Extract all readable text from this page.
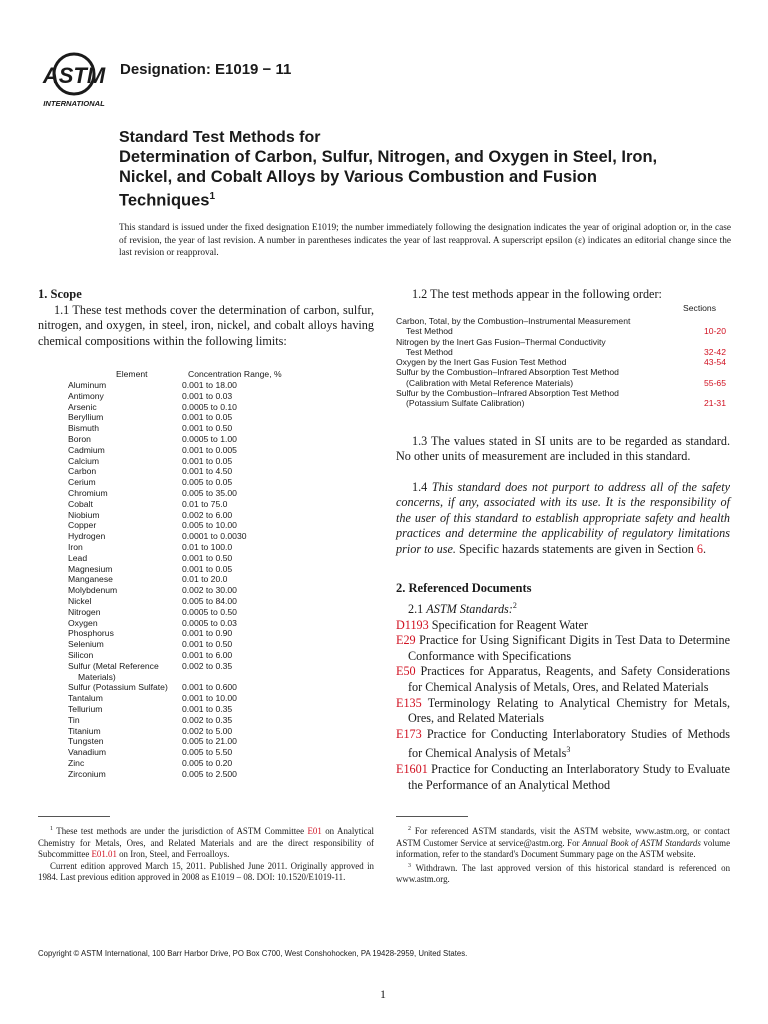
ASTM
INTERNATIONAL
Designation: E1019 − 11
Standard Test Methods for
Determination of Carbon, Sulfur, Nitrogen, and Oxygen in Steel, Iron, Nickel, and Cobalt Alloys by Various Combustion and Fusion Techniques$^1$
This standard is issued under the fixed designation E1019; the number immediately following the designation indicates the year of original adoption or, in the case of revision, the year of last revision. A number in parentheses indicates the year of last reapproval. A superscript epsilon (ε) indicates an editorial change since the last revision or reapproval.
1. Scope
1.1 These test methods cover the determination of carbon, sulfur, nitrogen, and oxygen, in steel, iron, nickel, and cobalt alloys having chemical compositions within the following limits:
Element	Concentration Range, %
Aluminum	0.001 to 18.00
Antimony	0.001 to 0.03
Arsenic	0.0005 to 0.10
Beryllium	0.001 to 0.05
Bismuth	0.001 to 0.50
Boron	0.0005 to 1.00
Cadmium	0.001 to 0.005
Calcium	0.001 to 0.05
Carbon	0.001 to 4.50
Cerium	0.005 to 0.05
Chromium	0.005 to 35.00
Cobalt	0.01 to 75.0
Niobium	0.002 to 6.00
Copper	0.005 to 10.00
Hydrogen	0.0001 to 0.0030
Iron	0.01 to 100.0
Lead	0.001 to 0.50
Magnesium	0.001 to 0.05
Manganese	0.01 to 20.0
Molybdenum	0.002 to 30.00
Nickel	0.005 to 84.00
Nitrogen	0.0005 to 0.50
Oxygen	0.0005 to 0.03
Phosphorus	0.001 to 0.90
Selenium	0.001 to 0.50
Silicon	0.001 to 6.00
Sulfur (Metal Reference	0.002 to 0.35
Materials)
Sulfur (Potassium Sulfate)	0.001 to 0.600
Tantalum	0.001 to 10.00
Tellurium	0.001 to 0.35
Tin	0.002 to 0.35
Titanium	0.002 to 5.00
Tungsten	0.005 to 21.00
Vanadium	0.005 to 5.50
Zinc	0.005 to 0.20
Zirconium	0.005 to 2.500
1.2 The test methods appear in the following order:
Sections
Carbon, Total, by the Combustion–Instrumental Measurement
Test Method	10-20
Nitrogen by the Inert Gas Fusion–Thermal Conductivity
Test Method	32-42
Oxygen by the Inert Gas Fusion Test Method	43-54
Sulfur by the Combustion–Infrared Absorption Test Method
(Calibration with Metal Reference Materials)	55-65
Sulfur by the Combustion–Infrared Absorption Test Method
(Potassium Sulfate Calibration)	21-31
1.3 The values stated in SI units are to be regarded as standard. No other units of measurement are included in this standard.
1.4 This standard does not purport to address all of the safety concerns, if any, associated with its use. It is the responsibility of the user of this standard to establish appropriate safety and health practices and determine the applicability of regulatory limitations prior to use. Specific hazards statements are given in Section 6.
2. Referenced Documents
2.1 ASTM Standards:$^2$
D1193 Specification for Reagent Water
E29 Practice for Using Significant Digits in Test Data to Determine Conformance with Specifications
E50 Practices for Apparatus, Reagents, and Safety Considerations for Chemical Analysis of Metals, Ores, and Related Materials
E135 Terminology Relating to Analytical Chemistry for Metals, Ores, and Related Materials
E173 Practice for Conducting Interlaboratory Studies of Methods for Chemical Analysis of Metals$^3$
E1601 Practice for Conducting an Interlaboratory Study to Evaluate the Performance of an Analytical Method
$^1$ These test methods are under the jurisdiction of ASTM Committee E01 on Analytical Chemistry for Metals, Ores, and Related Materials and are the direct responsibility of Subcommittee E01.01 on Iron, Steel, and Ferroalloys.
Current edition approved March 15, 2011. Published June 2011. Originally approved in 1984. Last previous edition approved in 2008 as E1019 – 08. DOI: 10.1520/E1019-11.
$^2$ For referenced ASTM standards, visit the ASTM website, www.astm.org, or contact ASTM Customer Service at service@astm.org. For Annual Book of ASTM Standards volume information, refer to the standard's Document Summary page on the ASTM website.
$^3$ Withdrawn. The last approved version of this historical standard is referenced on www.astm.org.
Copyright © ASTM International, 100 Barr Harbor Drive, PO Box C700, West Conshohocken, PA 19428-2959, United States.
1
